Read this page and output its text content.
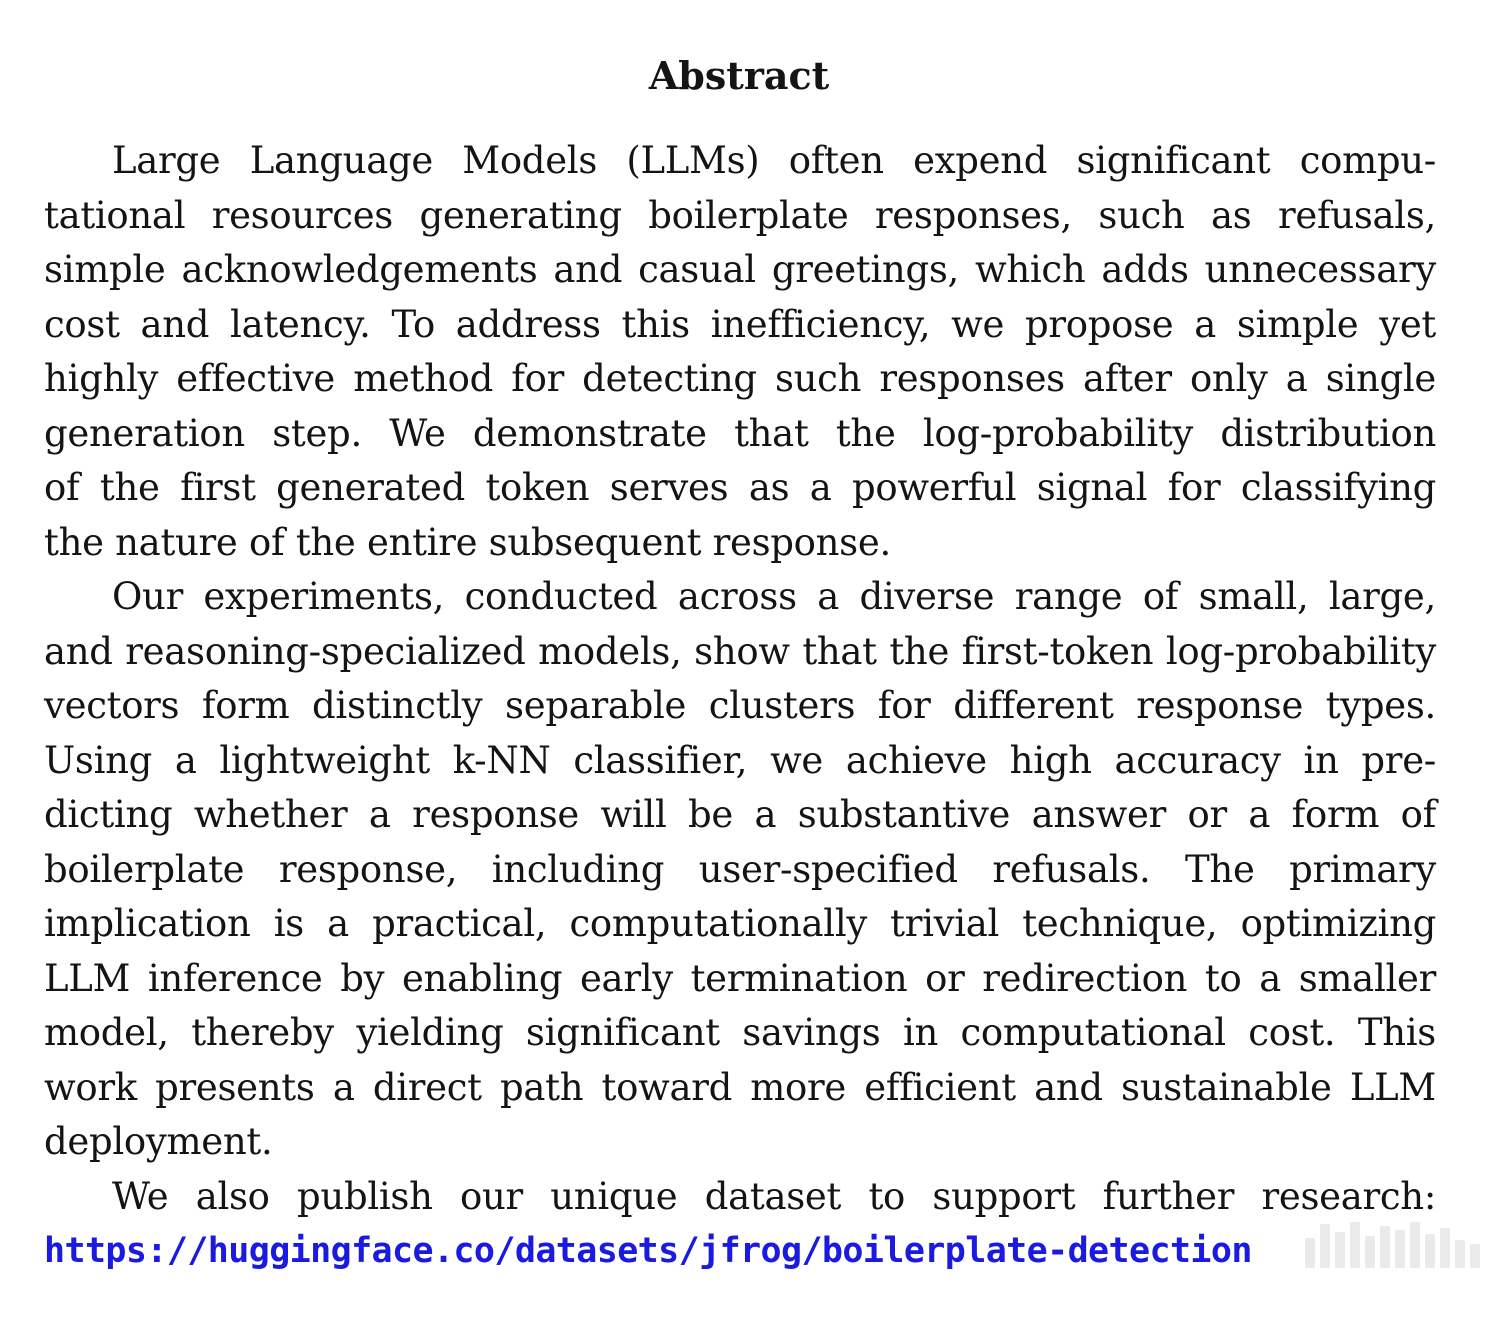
Abstract
Large Language Models (LLMs) often expend significant compu-
tational resources generating boilerplate responses, such as refusals,
simple acknowledgements and casual greetings, which adds unnecessary
cost and latency. To address this inefficiency, we propose a simple yet
highly effective method for detecting such responses after only a single
generation step. We demonstrate that the log-probability distribution
of the first generated token serves as a powerful signal for classifying
the nature of the entire subsequent response.
Our experiments, conducted across a diverse range of small, large,
and reasoning-specialized models, show that the first-token log-probability
vectors form distinctly separable clusters for different response types.
Using a lightweight k-NN classifier, we achieve high accuracy in pre-
dicting whether a response will be a substantive answer or a form of
boilerplate response, including user-specified refusals. The primary
implication is a practical, computationally trivial technique, optimizing
LLM inference by enabling early termination or redirection to a smaller
model, thereby yielding significant savings in computational cost. This
work presents a direct path toward more efficient and sustainable LLM
deployment.
We also publish our unique dataset to support further research:
https://huggingface.co/datasets/jfrog/boilerplate-detection
